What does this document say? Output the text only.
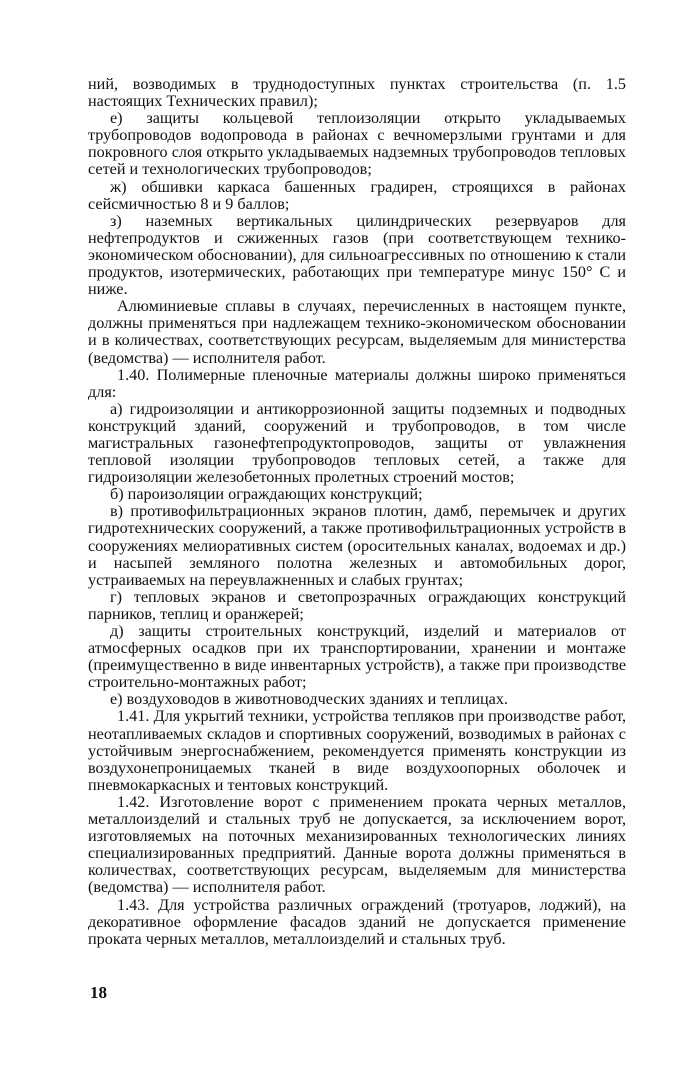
ний, возводимых в труднодоступных пунктах строительства (п. 1.5 настоящих Технических правил);

е) защиты кольцевой теплоизоляции открыто укладываемых трубопроводов водопровода в районах с вечномерзлыми грунтами и для покровного слоя открыто укладываемых надземных трубопроводов тепловых сетей и технологических трубопроводов;

ж) обшивки каркаса башенных градирен, строящихся в районах сейсмичностью 8 и 9 баллов;

з) наземных вертикальных цилиндрических резервуаров для нефтепродуктов и сжиженных газов (при соответствующем технико-экономическом обосновании), для сильноагрессивных по отношению к стали продуктов, изотермических, работающих при температуре минус 150° С и ниже.

Алюминиевые сплавы в случаях, перечисленных в настоящем пункте, должны применяться при надлежащем технико-экономическом обосновании и в количествах, соответствующих ресурсам, выделяемым для министерства (ведомства) — исполнителя работ.

1.40. Полимерные пленочные материалы должны широко применяться для:

а) гидроизоляции и антикоррозионной защиты подземных и подводных конструкций зданий, сооружений и трубопроводов, в том числе магистральных газонефтепродуктопроводов, защиты от увлажнения тепловой изоляции трубопроводов тепловых сетей, а также для гидроизоляции железобетонных пролетных строений мостов;

б) пароизоляции ограждающих конструкций;

в) противофильтрационных экранов плотин, дамб, перемычек и других гидротехнических сооружений, а также противофильтрационных устройств в сооружениях мелиоративных систем (оросительных каналах, водоемах и др.) и насыпей земляного полотна железных и автомобильных дорог, устраиваемых на переувлажненных и слабых грунтах;

г) тепловых экранов и светопрозрачных ограждающих конструкций парников, теплиц и оранжерей;

д) защиты строительных конструкций, изделий и материалов от атмосферных осадков при их транспортировании, хранении и монтаже (преимущественно в виде инвентарных устройств), а также при производстве строительно-монтажных работ;

е) воздуховодов в животноводческих зданиях и теплицах.

1.41. Для укрытий техники, устройства тепляков при производстве работ, неотапливаемых складов и спортивных сооружений, возводимых в районах с устойчивым энергоснабжением, рекомендуется применять конструкции из воздухонепроницаемых тканей в виде воздухоопорных оболочек и пневмокаркасных и тентовых конструкций.

1.42. Изготовление ворот с применением проката черных металлов, металлоизделий и стальных труб не допускается, за исключением ворот, изготовляемых на поточных механизированных технологических линиях специализированных предприятий. Данные ворота должны применяться в количествах, соответствующих ресурсам, выделяемым для министерства (ведомства) — исполнителя работ.

1.43. Для устройства различных ограждений (тротуаров, лоджий), на декоративное оформление фасадов зданий не допускается применение проката черных металлов, металлоизделий и стальных труб.

18
